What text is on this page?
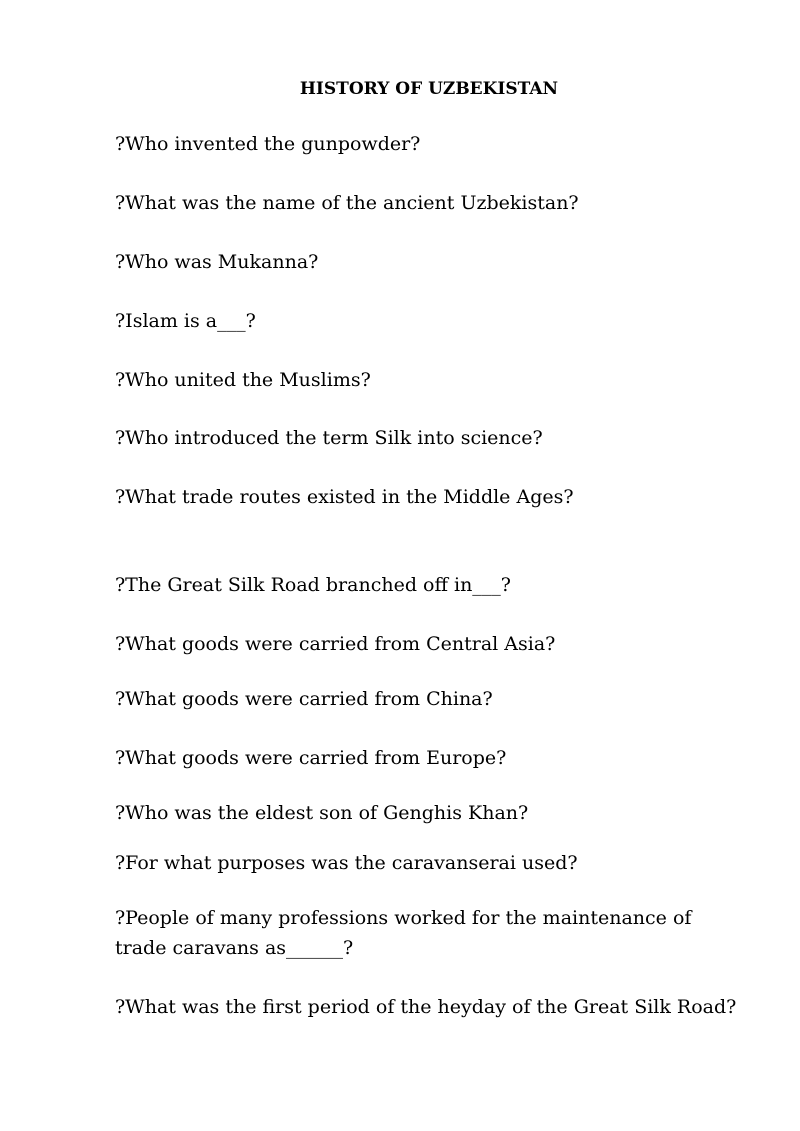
HISTORY OF UZBEKISTAN
?Who invented the gunpowder?
?What was the name of the ancient Uzbekistan?
?Who was Mukanna?
?Islam is a___?
?Who united the Muslims?
?Who introduced the term Silk into science?
?What trade routes existed in the Middle Ages?
?The Great Silk Road branched off in___?
?What goods were carried from Central Asia?
?What goods were carried from China?
?What goods were carried from Europe?
?Who was the eldest son of Genghis Khan?
?For what purposes was the caravanserai used?
?People of many professions worked for the maintenance of trade caravans as______?
?What was the first period of the heyday of the Great Silk Road?
